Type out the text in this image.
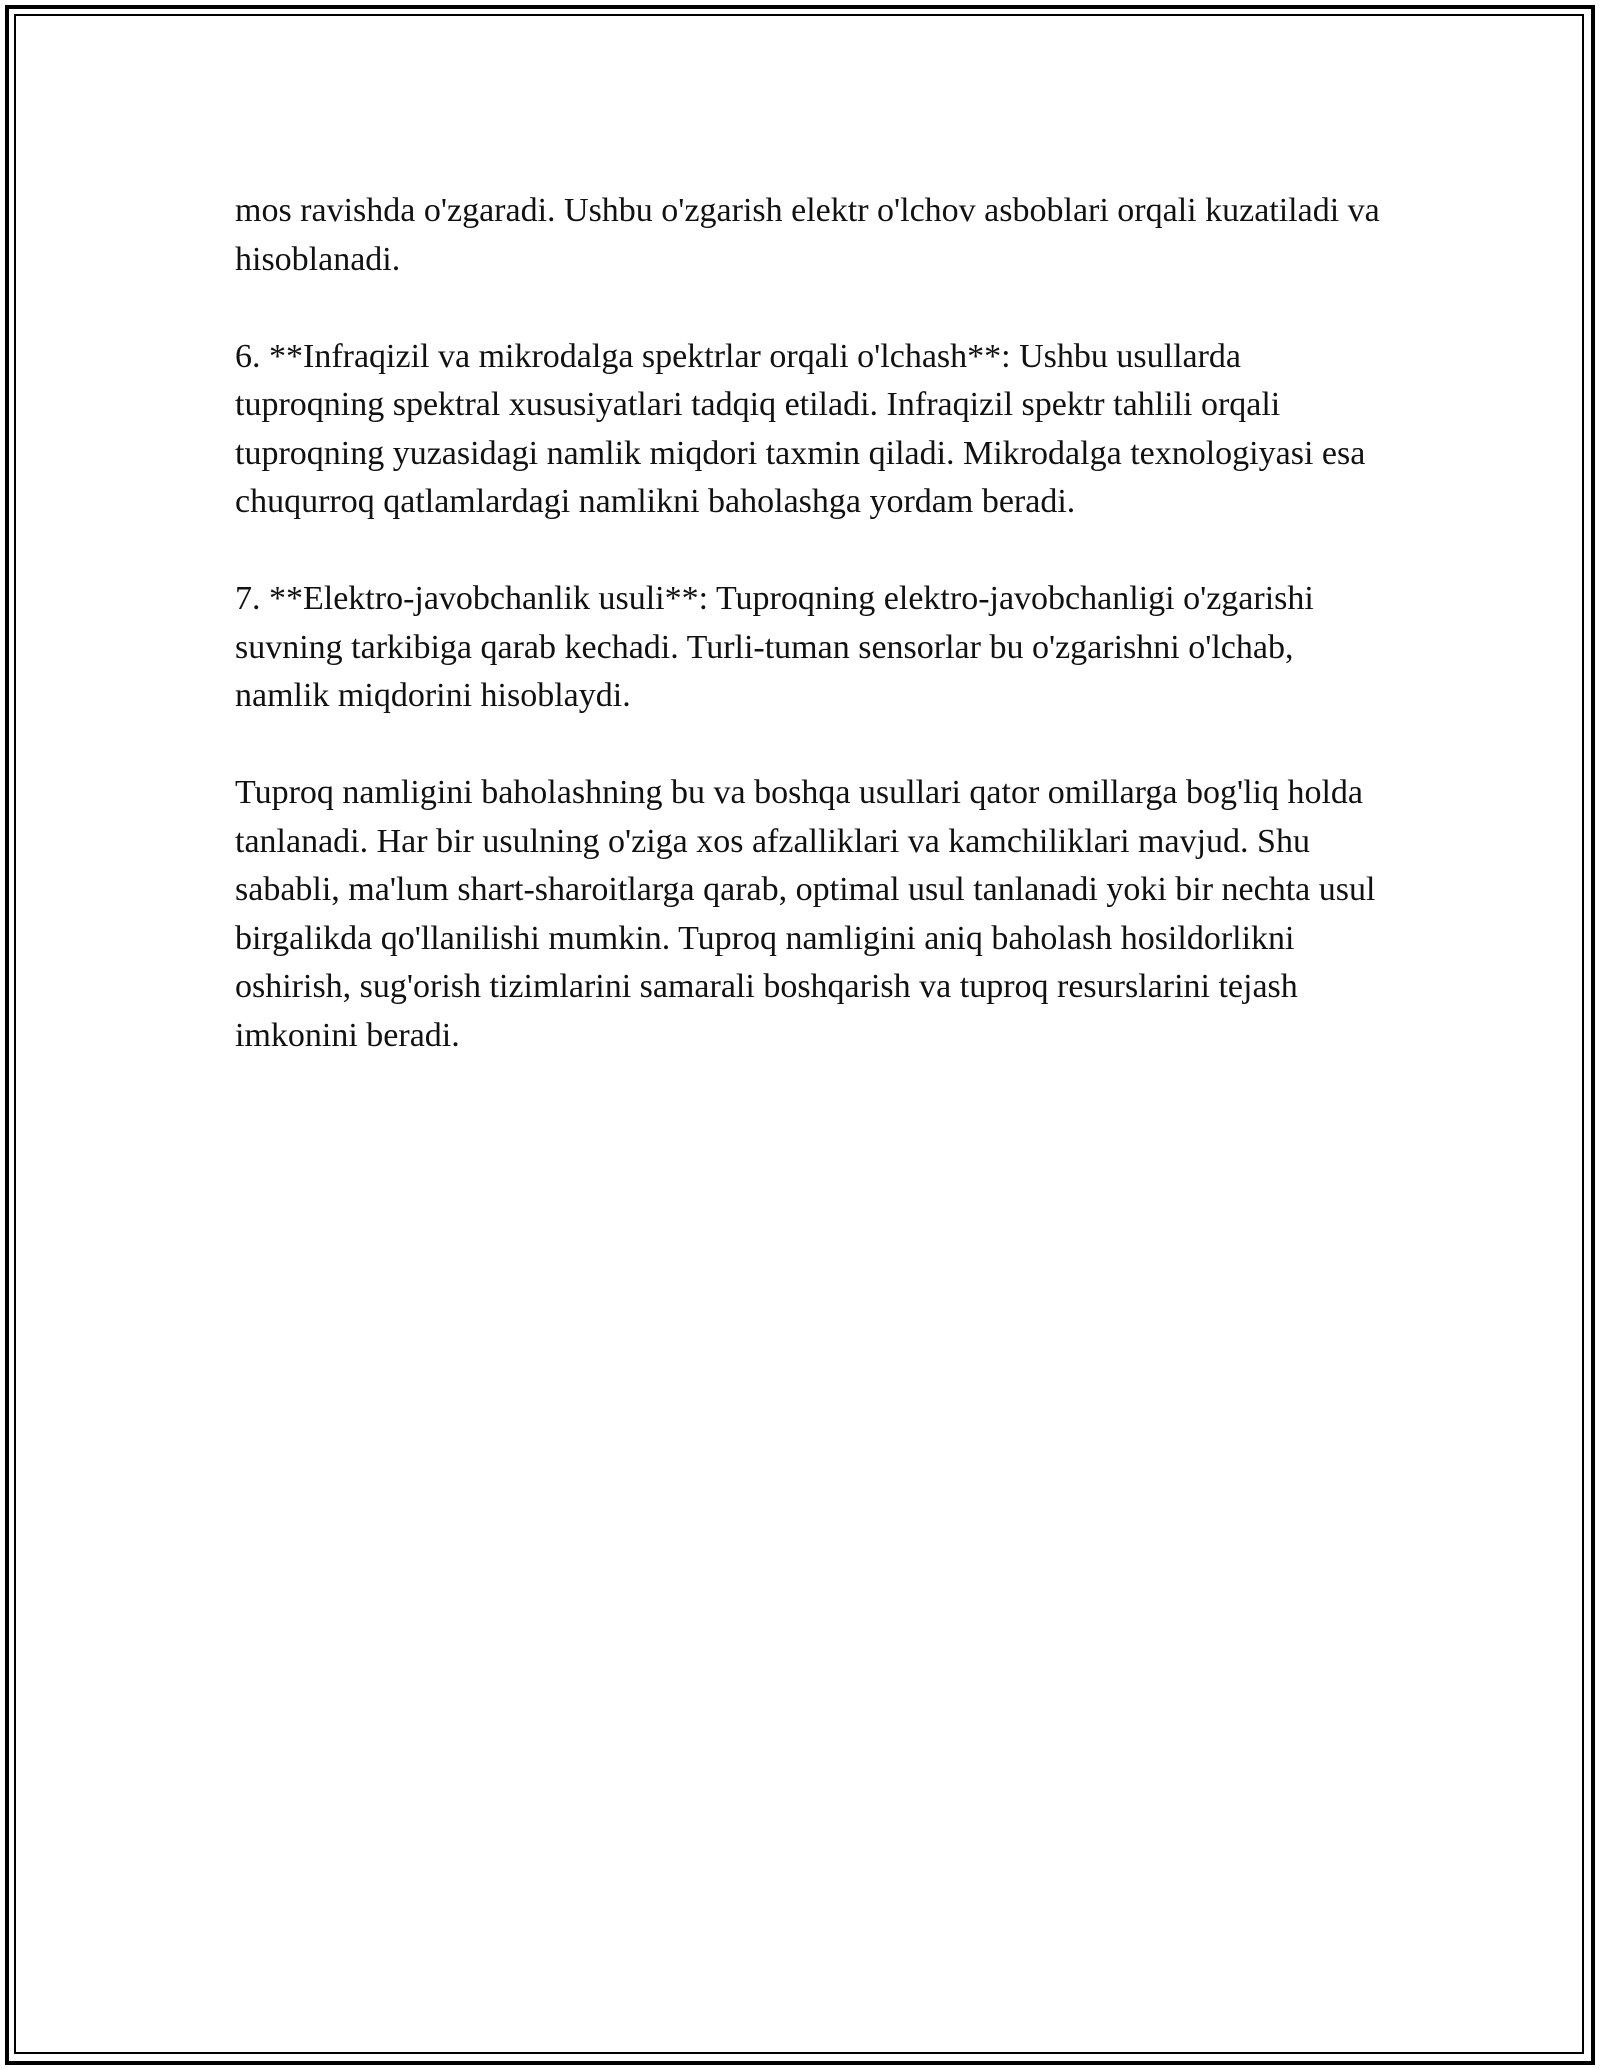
mos ravishda o'zgaradi. Ushbu o'zgarish elektr o'lchov asboblari orqali kuzatiladi va hisoblanadi.

6. **Infraqizil va mikrodalga spektrlar orqali o'lchash**: Ushbu usullarda tuproqning spektral xususiyatlari tadqiq etiladi. Infraqizil spektr tahlili orqali tuproqning yuzasidagi namlik miqdori taxmin qiladi. Mikrodalga texnologiyasi esa chuqurroq qatlamlardagi namlikni baholashga yordam beradi.

7. **Elektro-javobchanlik usuli**: Tuproqning elektro-javobchanligi o'zgarishi suvning tarkibiga qarab kechadi. Turli-tuman sensorlar bu o'zgarishni o'lchab, namlik miqdorini hisoblaydi.

Tuproq namligini baholashning bu va boshqa usullari qator omillarga bog'liq holda tanlanadi. Har bir usulning o'ziga xos afzalliklari va kamchiliklari mavjud. Shu sababli, ma'lum shart-sharoitlarga qarab, optimal usul tanlanadi yoki bir nechta usul birgalikda qo'llanilishi mumkin. Tuproq namligini aniq baholash hosildorlikni oshirish, sug'orish tizimlarini samarali boshqarish va tuproq resurslarini tejash imkonini beradi.
